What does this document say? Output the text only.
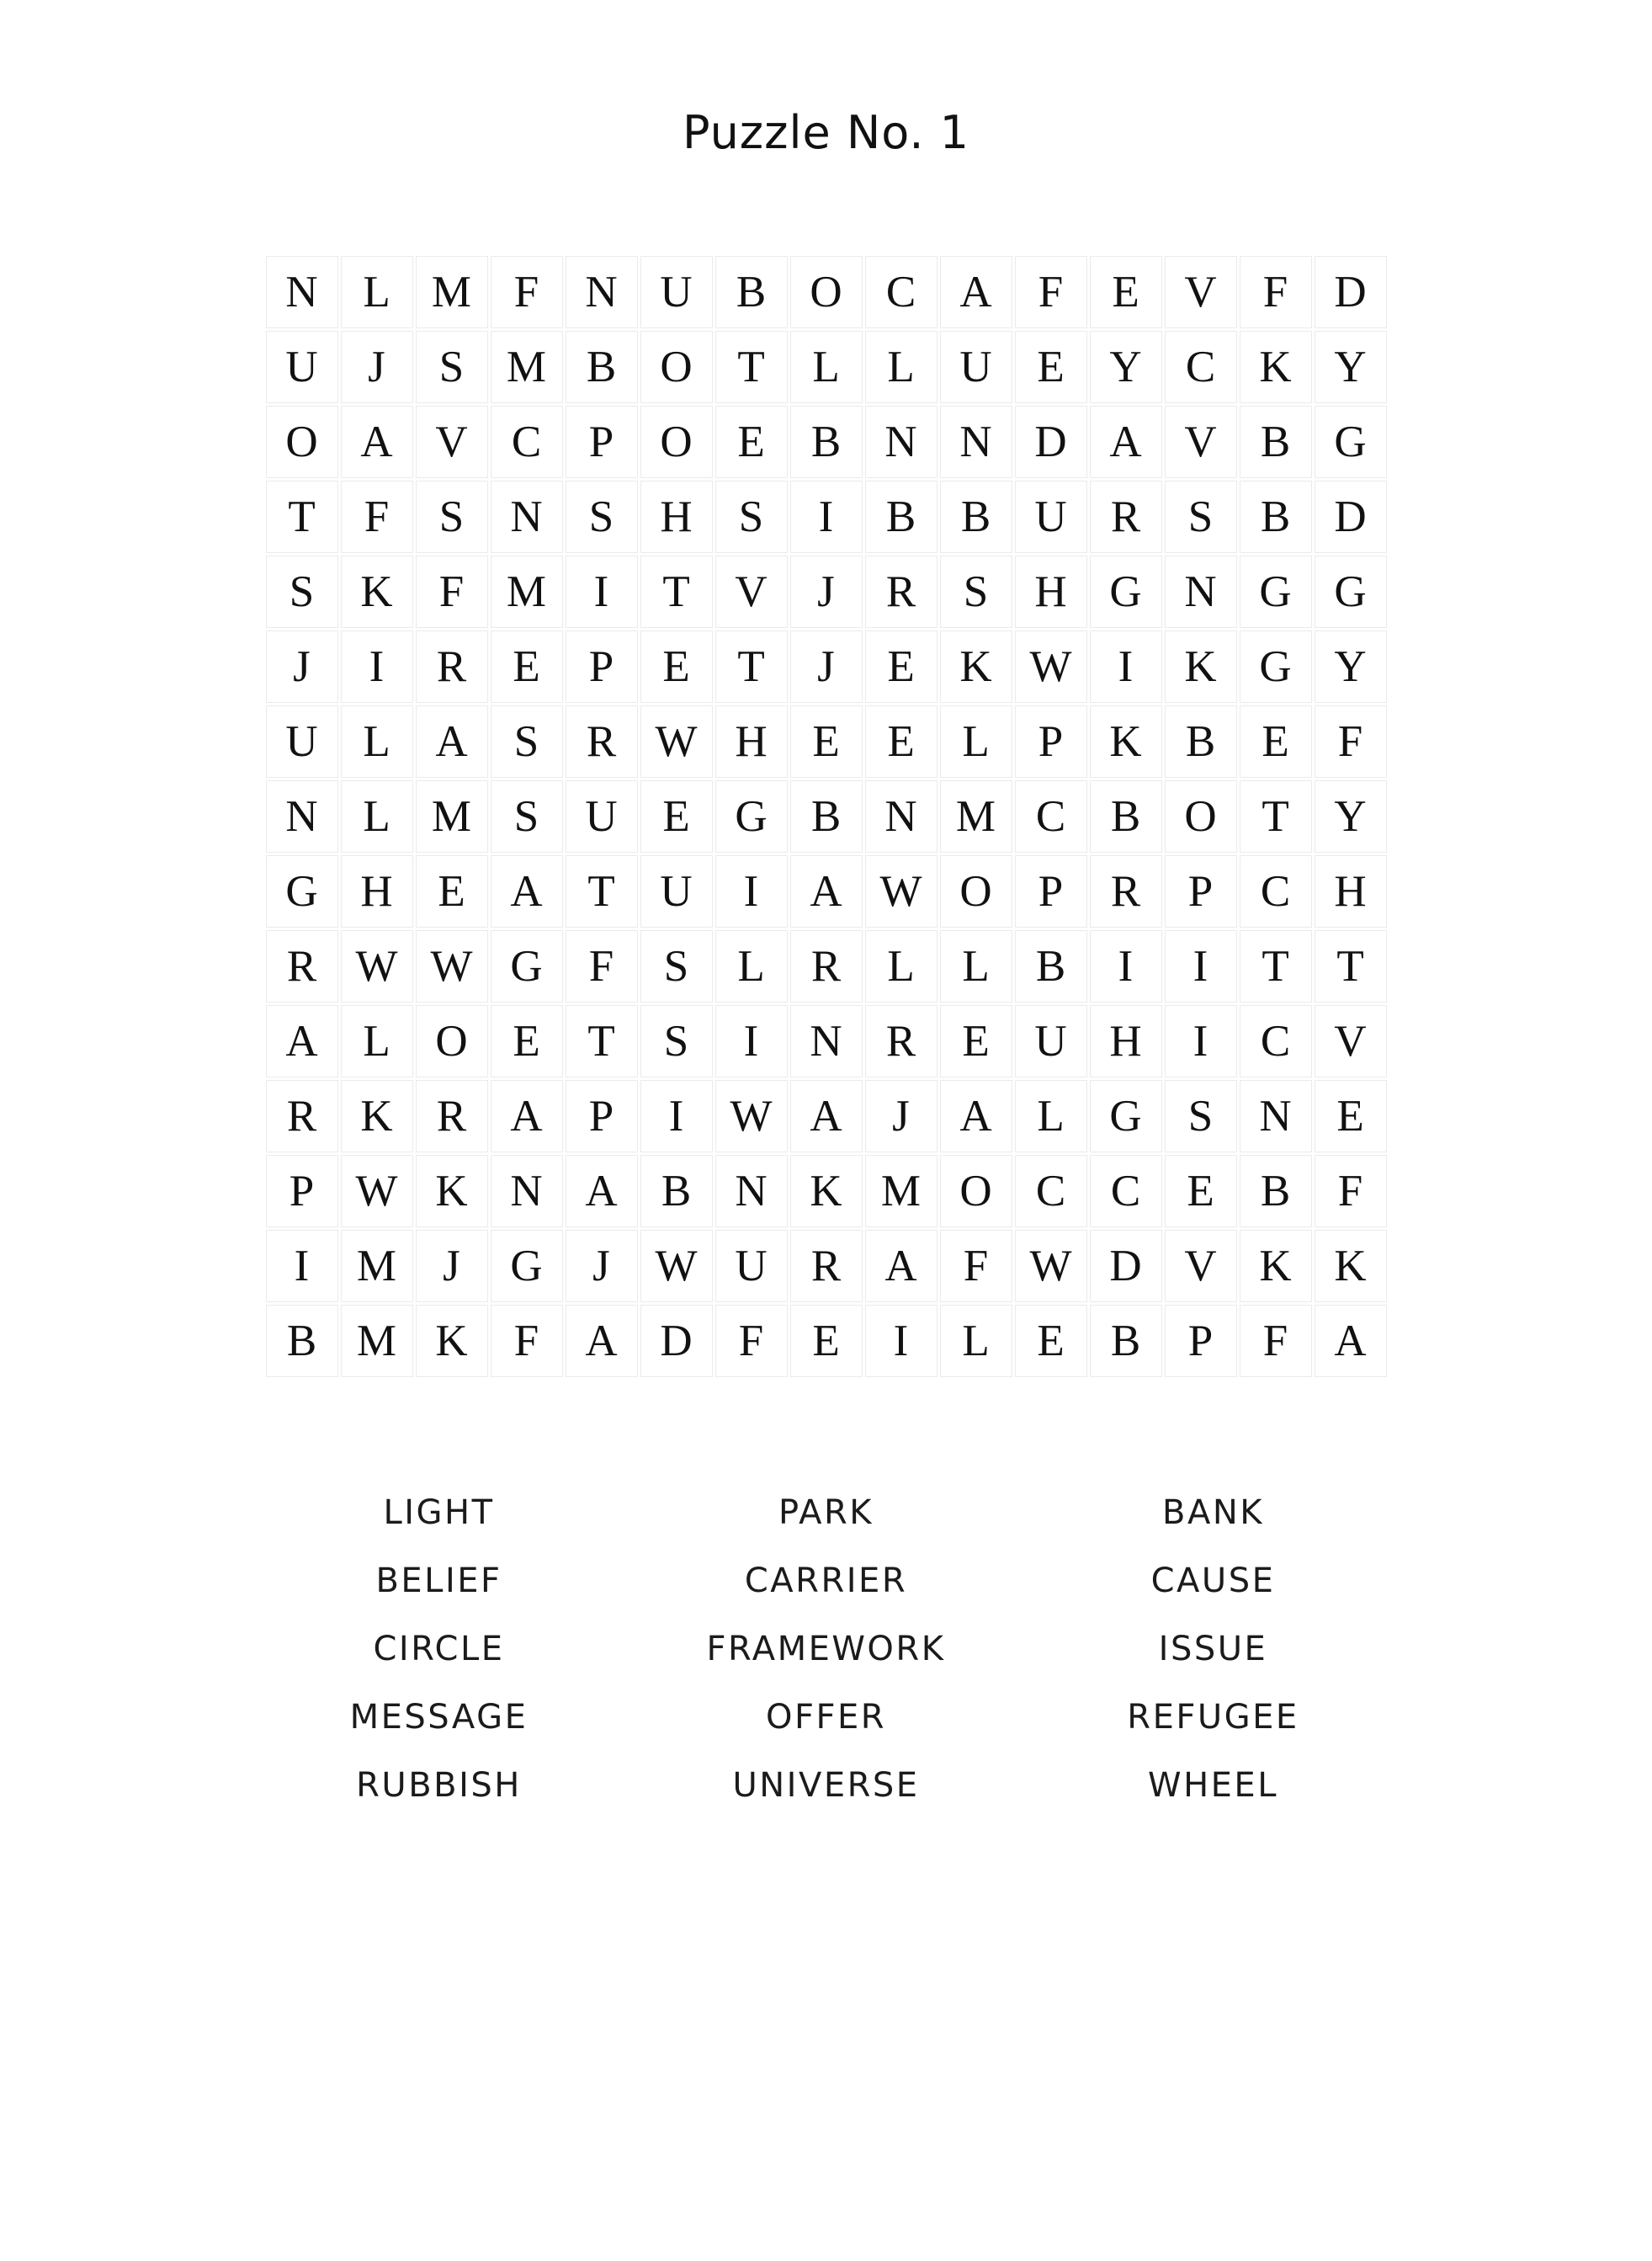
Puzzle No. 1
N	L	M	F	N	U	B	O	C	A	F	E	V	F	D
U	J	S	M	B	O	T	L	L	U	E	Y	C	K	Y
O	A	V	C	P	O	E	B	N	N	D	A	V	B	G
T	F	S	N	S	H	S	I	B	B	U	R	S	B	D
S	K	F	M	I	T	V	J	R	S	H	G	N	G	G
J	I	R	E	P	E	T	J	E	K	W	I	K	G	Y
U	L	A	S	R	W	H	E	E	L	P	K	B	E	F
N	L	M	S	U	E	G	B	N	M	C	B	O	T	Y
G	H	E	A	T	U	I	A	W	O	P	R	P	C	H
R	W	W	G	F	S	L	R	L	L	B	I	I	T	T
A	L	O	E	T	S	I	N	R	E	U	H	I	C	V
R	K	R	A	P	I	W	A	J	A	L	G	S	N	E
P	W	K	N	A	B	N	K	M	O	C	C	E	B	F
I	M	J	G	J	W	U	R	A	F	W	D	V	K	K
B	M	K	F	A	D	F	E	I	L	E	B	P	F	A
LIGHT
BELIEF
CIRCLE
MESSAGE
RUBBISH
PARK
CARRIER
FRAMEWORK
OFFER
UNIVERSE
BANK
CAUSE
ISSUE
REFUGEE
WHEEL
